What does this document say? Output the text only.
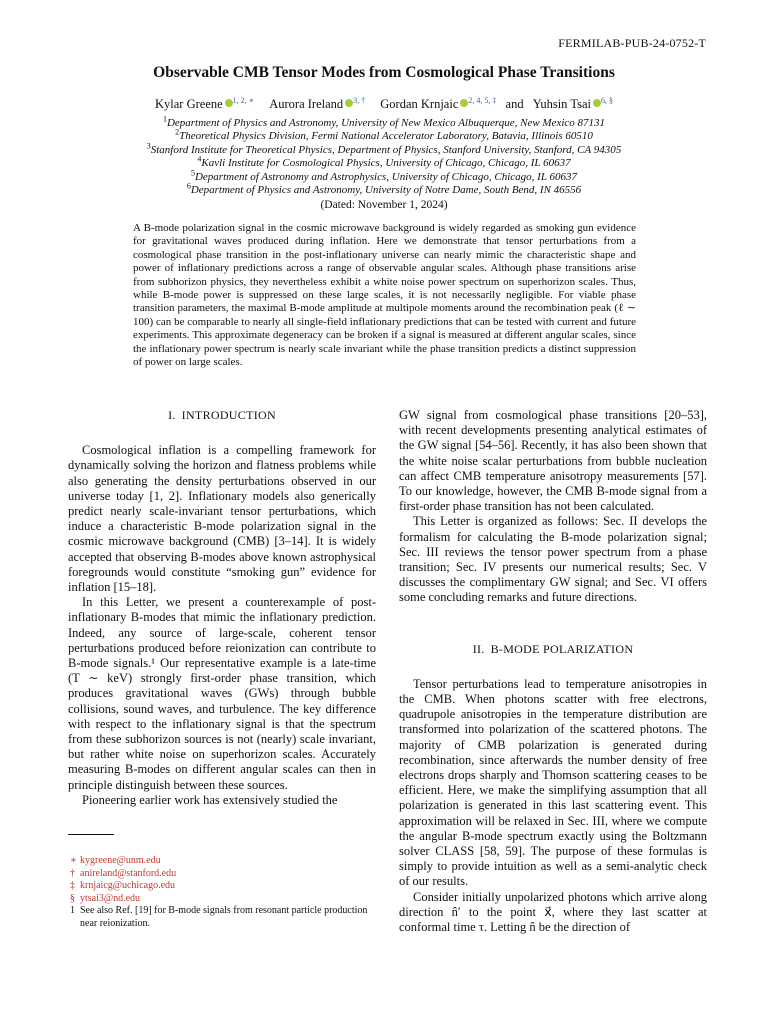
FERMILAB-PUB-24-0752-T
Observable CMB Tensor Modes from Cosmological Phase Transitions
Kylar Greene $^{1, 2, ∗}$ Aurora Ireland $^{3, \dagger}$ Gordan Krnjaic $^{2, 4, 5, \ddagger}$ and Yuhsin Tsai $^{6, \S}$
$^1$Department of Physics and Astronomy, University of New Mexico Albuquerque, New Mexico 87131
$^2$Theoretical Physics Division, Fermi National Accelerator Laboratory, Batavia, Illinois 60510
$^3$Stanford Institute for Theoretical Physics, Department of Physics, Stanford University, Stanford, CA 94305
$^4$Kavli Institute for Cosmological Physics, University of Chicago, Chicago, IL 60637
$^5$Department of Astronomy and Astrophysics, University of Chicago, Chicago, IL 60637
$^6$Department of Physics and Astronomy, University of Notre Dame, South Bend, IN 46556
(Dated: November 1, 2024)
A B-mode polarization signal in the cosmic microwave background is widely regarded as smoking gun evidence for gravitational waves produced during inflation. Here we demonstrate that tensor perturbations from a cosmological phase transition in the post-inflationary universe can nearly mimic the characteristic shape and power of inflationary predictions across a range of observable angular scales. Although phase transitions arise from subhorizon physics, they nevertheless exhibit a white noise power spectrum on superhorizon scales. Thus, while B-mode power is suppressed on these large scales, it is not necessarily negligible. For viable phase transition parameters, the maximal B-mode amplitude at multipole moments around the recombination peak (ℓ ∼ 100) can be comparable to nearly all single-field inflationary predictions that can be tested with current and future experiments. This approximate degeneracy can be broken if a signal is measured at different angular scales, since the inflationary power spectrum is nearly scale invariant while the phase transition predicts a distinct suppression of power on large scales.
I. INTRODUCTION

Cosmological inflation is a compelling framework for dynamically solving the horizon and flatness problems while also generating the density perturbations observed in our universe today [1, 2]. Inflationary models also generically predict nearly scale-invariant tensor perturbations, which induce a characteristic B-mode polarization signal in the cosmic microwave background (CMB) [3–14]. It is widely accepted that observing B-modes above known astrophysical foregrounds would constitute “smoking gun” evidence for inflation [15–18].

In this Letter, we present a counterexample of post-inflationary B-modes that mimic the inflationary prediction. Indeed, any source of large-scale, coherent tensor perturbations produced before reionization can contribute to B-mode signals.¹ Our representative example is a late-time (T ∼ keV) strongly first-order phase transition, which produces gravitational waves (GWs) through bubble collisions, sound waves, and turbulence. The key difference with respect to the inflationary signal is that the spectrum from these subhorizon sources is not (nearly) scale invariant, but rather white noise on superhorizon scales. Accurately measuring B-modes on different angular scales can then in principle distinguish between these sources.

Pioneering earlier work has extensively studied the

∗ kygreene@unm.edu
† anireland@stanford.edu
‡ krnjaicg@uchicago.edu
§ ytsai3@nd.edu
1 See also Ref. [19] for B-mode signals from resonant particle production near reionization.

GW signal from cosmological phase transitions [20–53], with recent developments presenting analytical estimates of the GW signal [54–56]. Recently, it has also been shown that the white noise scalar perturbations from bubble nucleation can affect CMB temperature anisotropy measurements [57]. To our knowledge, however, the CMB B-mode signal from a first-order phase transition has not been calculated.

This Letter is organized as follows: Sec. II develops the formalism for calculating the B-mode polarization signal; Sec. III reviews the tensor power spectrum from a phase transition; Sec. IV presents our numerical results; Sec. V discusses the complimentary GW signal; and Sec. VI offers some concluding remarks and future directions.

II. B-MODE POLARIZATION

Tensor perturbations lead to temperature anisotropies in the CMB. When photons scatter with free electrons, quadrupole anisotropies in the temperature distribution are transformed into polarization of the scattered photons. The majority of CMB polarization is generated during recombination, since afterwards the number density of free electrons drops sharply and Thomson scattering ceases to be efficient. Here, we make the simplifying assumption that all polarization is generated in this last scattering event. This approximation will be relaxed in Sec. III, where we compute the angular B-mode spectrum exactly using the Boltzmann solver CLASS [58, 59]. The purpose of these formulas is simply to provide intuition as well as a semi-analytic check of our results.

Consider initially unpolarized photons which arrive along direction n̂′ to the point x⃗, where they last scatter at conformal time τ. Letting n̂ be the direction of
